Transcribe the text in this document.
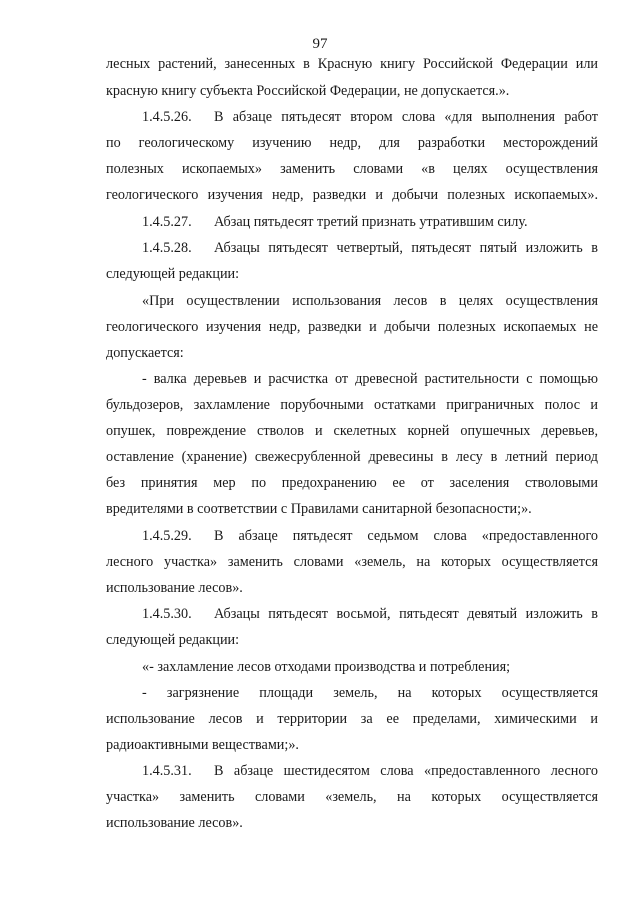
97
лесных растений, занесенных в Красную книгу Российской Федерации или
красную книгу субъекта Российской Федерации, не допускается.».
1.4.5.26. В абзаце пятьдесят втором слова «для выполнения работ
по геологическому изучению недр, для разработки месторождений
полезных ископаемых» заменить словами «в целях осуществления
геологического изучения недр, разведки и добычи полезных ископаемых».
1.4.5.27. Абзац пятьдесят третий признать утратившим силу.
1.4.5.28. Абзацы пятьдесят четвертый, пятьдесят пятый изложить в
следующей редакции:
«При осуществлении использования лесов в целях осуществления
геологического изучения недр, разведки и добычи полезных ископаемых не
допускается:
- валка деревьев и расчистка от древесной растительности с помощью
бульдозеров, захламление порубочными остатками приграничных полос и
опушек, повреждение стволов и скелетных корней опушечных деревьев,
оставление (хранение) свежесрубленной древесины в лесу в летний период
без принятия мер по предохранению ее от заселения стволовыми
вредителями в соответствии с Правилами санитарной безопасности;».
1.4.5.29. В абзаце пятьдесят седьмом слова «предоставленного
лесного участка» заменить словами «земель, на которых осуществляется
использование лесов».
1.4.5.30. Абзацы пятьдесят восьмой, пятьдесят девятый изложить в
следующей редакции:
«- захламление лесов отходами производства и потребления;
- загрязнение площади земель, на которых осуществляется
использование лесов и территории за ее пределами, химическими и
радиоактивными веществами;».
1.4.5.31. В абзаце шестидесятом слова «предоставленного лесного
участка» заменить словами «земель, на которых осуществляется
использование лесов».
